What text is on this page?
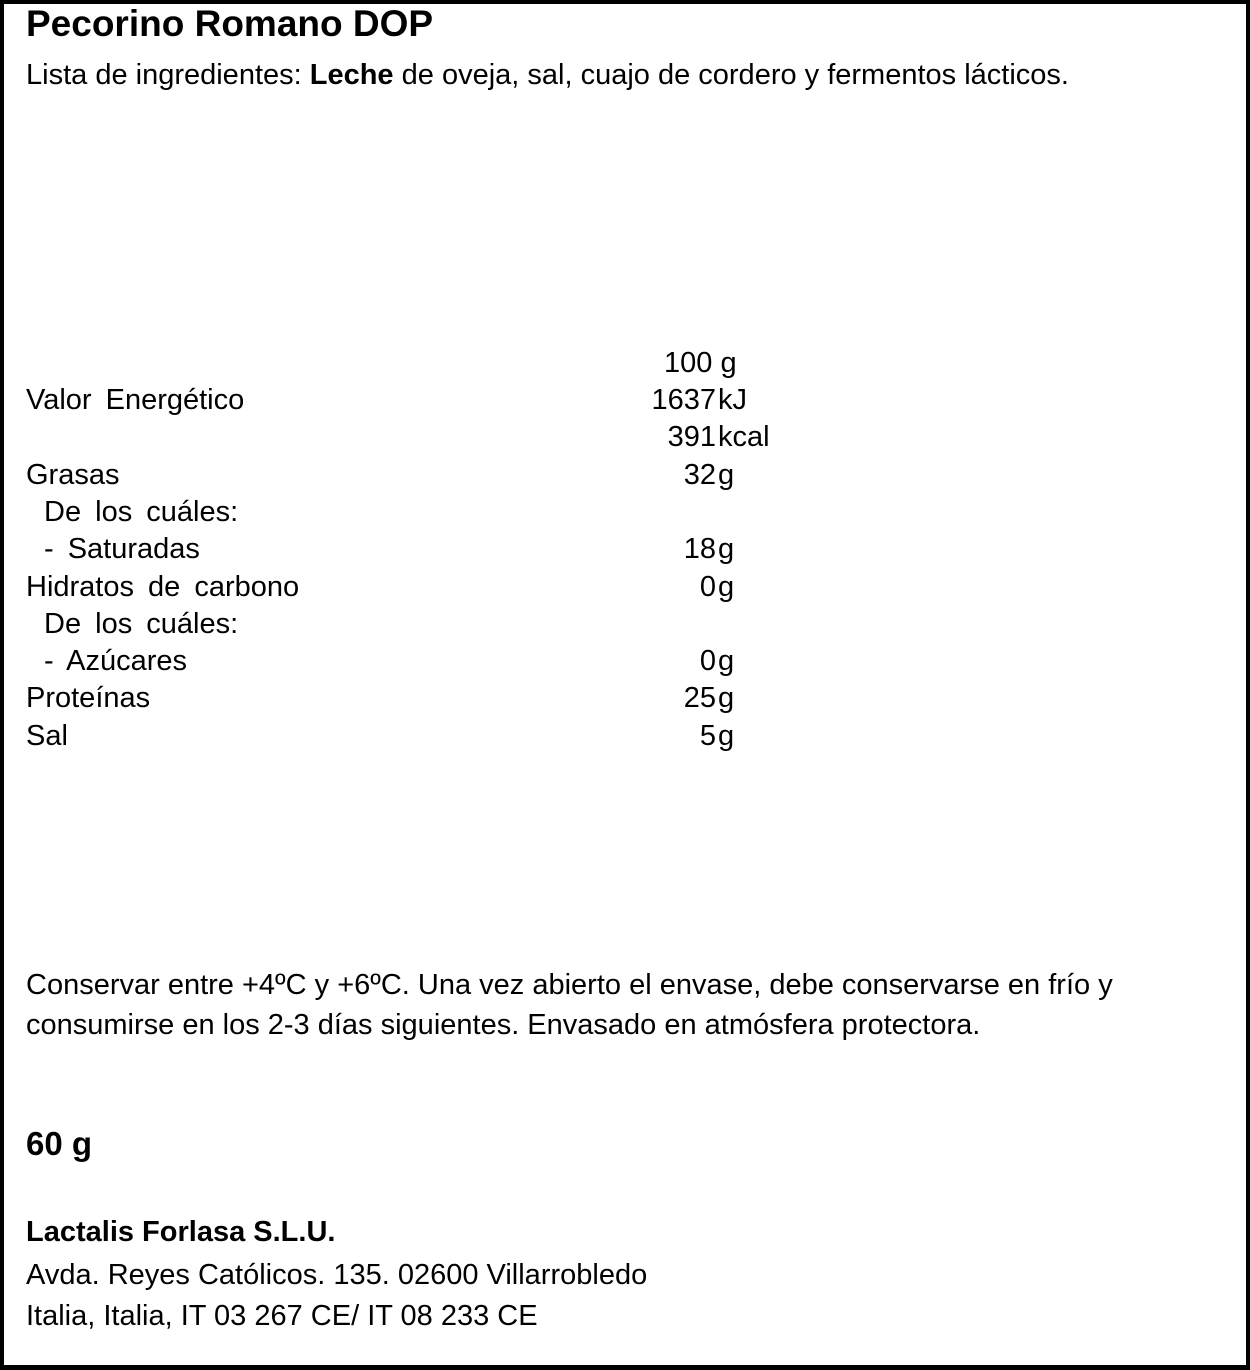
Pecorino Romano DOP
Lista de ingredientes: Leche de oveja, sal, cuajo de cordero y fermentos lácticos.
100 g
Valor Energético	1637 kJ
391 kcal
Grasas	32 g
De los cuáles:
- Saturadas	18 g
Hidratos de carbono	0 g
De los cuáles:
- Azúcares	0 g
Proteínas	25 g
Sal	5 g
Conservar entre +4ºC y +6ºC. Una vez abierto el envase, debe conservarse en frío y consumirse en los 2-3 días siguientes. Envasado en atmósfera protectora.
60 g
Lactalis Forlasa S.L.U.
Avda. Reyes Católicos. 135. 02600 Villarrobledo
Italia, Italia, IT 03 267 CE/ IT 08 233 CE
